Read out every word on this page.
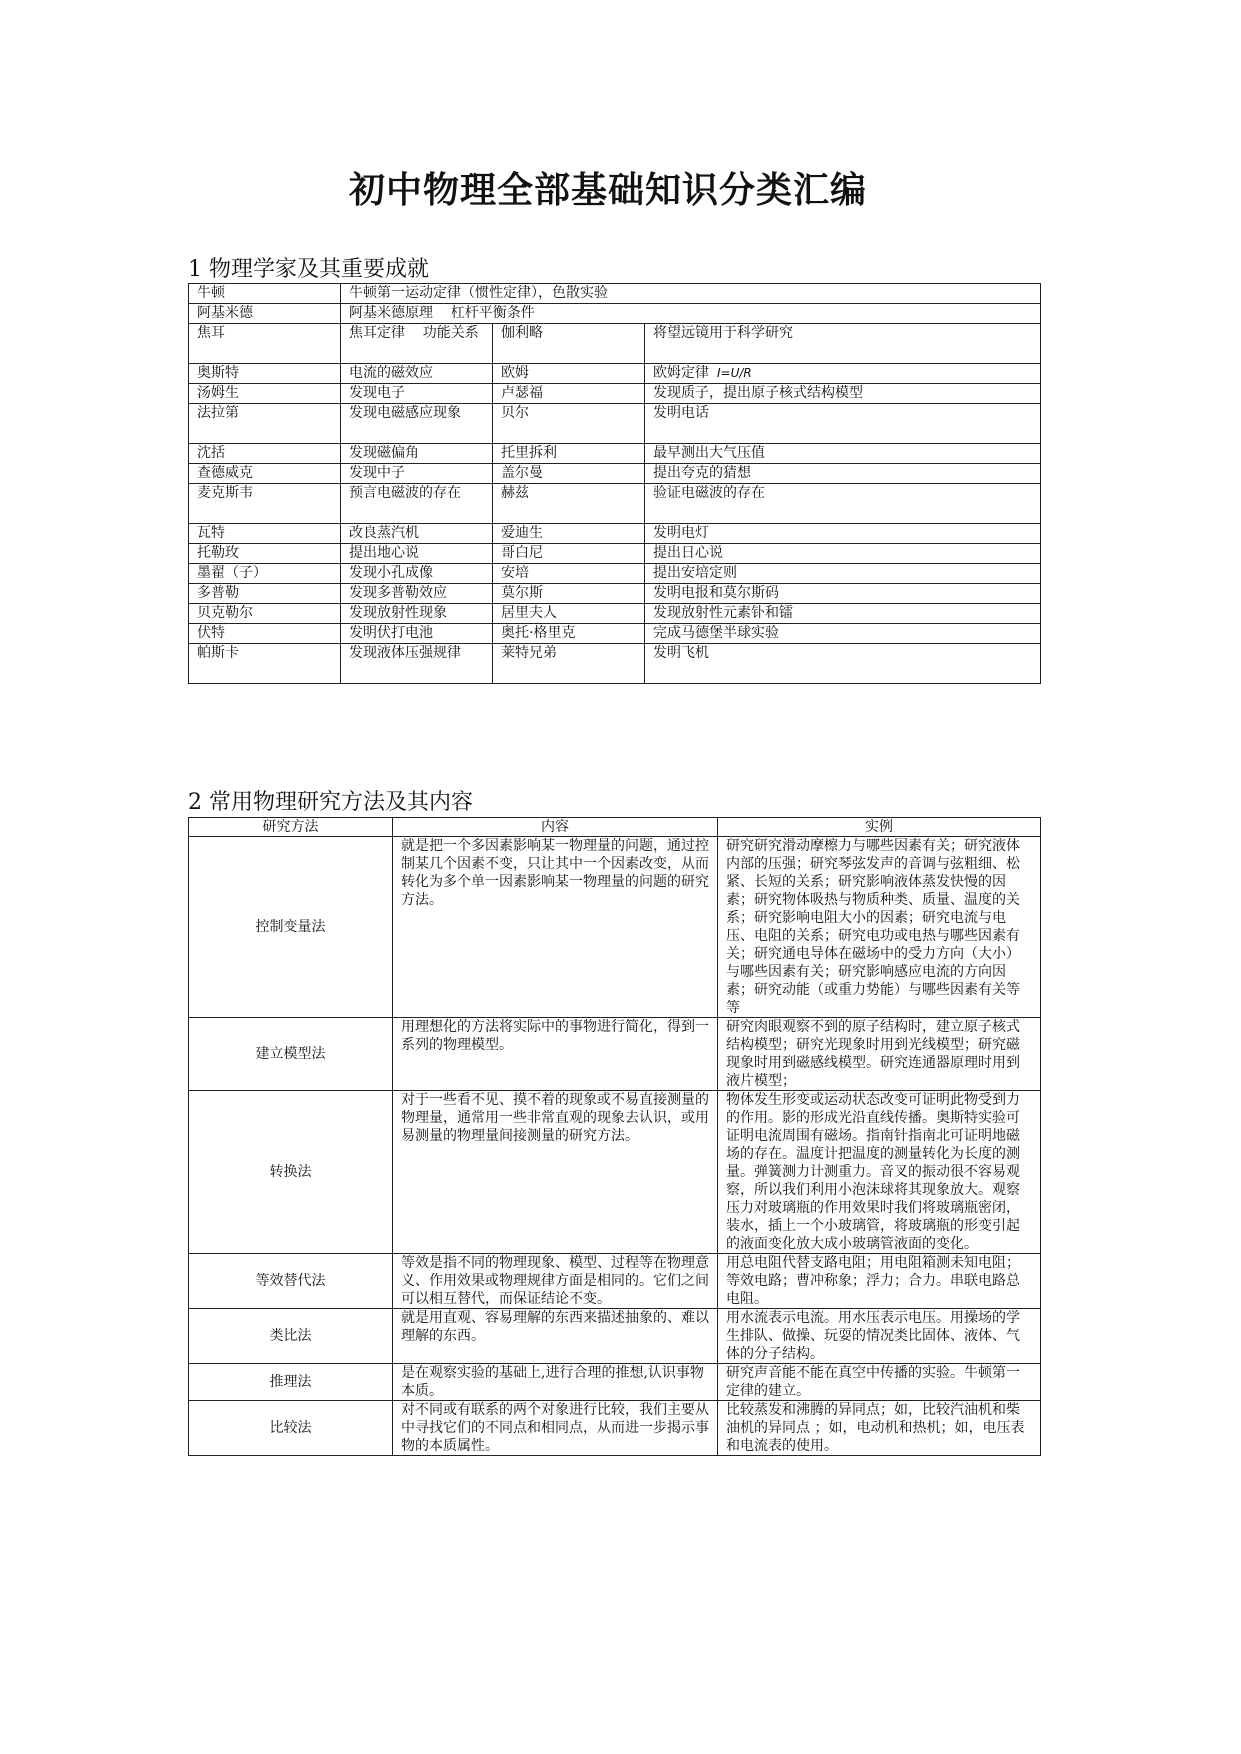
初中物理全部基础知识分类汇编
1 物理学家及其重要成就
牛顿	牛顿第一运动定律（惯性定律），色散实验		
阿基米德	阿基米德原理    杠杆平衡条件		
焦耳	焦耳定律    功能关系	伽利略	将望远镜用于科学研究
奥斯特	电流的磁效应	欧姆	欧姆定律 I=U/R
汤姆生	发现电子	卢瑟福	发现质子，提出原子核式结构模型
法拉第	发现电磁感应现象	贝尔	发明电话
沈括	发现磁偏角	托里拆利	最早测出大气压值
查德威克	发现中子	盖尔曼	提出夸克的猜想
麦克斯韦	预言电磁波的存在	赫兹	验证电磁波的存在
瓦特	改良蒸汽机	爱迪生	发明电灯
托勒玫	提出地心说	哥白尼	提出日心说
墨翟（子）	发现小孔成像	安培	提出安培定则
多普勒	发现多普勒效应	莫尔斯	发明电报和莫尔斯码
贝克勒尔	发现放射性现象	居里夫人	发现放射性元素钋和镭
伏特	发明伏打电池	奥托·格里克	完成马德堡半球实验
帕斯卡	发现液体压强规律	莱特兄弟	发明飞机
2 常用物理研究方法及其内容
研究方法	内容	实例
控制变量法	就是把一个多因素影响某一物理量的问题，通过控制某几个因素不变，只让其中一个因素改变，从而转化为多个单一因素影响某一物理量的问题的研究方法。	研究研究滑动摩檫力与哪些因素有关；研究液体内部的压强；研究琴弦发声的音调与弦粗细、松紧、长短的关系；研究影响液体蒸发快慢的因素；研究物体吸热与物质种类、质量、温度的关系；研究影响电阻大小的因素；研究电流与电压、电阻的关系；研究电功或电热与哪些因素有关；研究通电导体在磁场中的受力方向（大小）与哪些因素有关；研究影响感应电流的方向因素；研究动能（或重力势能）与哪些因素有关等等
建立模型法	用理想化的方法将实际中的事物进行简化，得到一系列的物理模型。	研究肉眼观察不到的原子结构时，建立原子核式结构模型；研究光现象时用到光线模型；研究磁现象时用到磁感线模型。研究连通器原理时用到液片模型；
转换法	对于一些看不见、摸不着的现象或不易直接测量的物理量，通常用一些非常直观的现象去认识，或用易测量的物理量间接测量的研究方法。	物体发生形变或运动状态改变可证明此物受到力的作用。影的形成光沿直线传播。奥斯特实验可证明电流周围有磁场。指南针指南北可证明地磁场的存在。温度计把温度的测量转化为长度的测量。弹簧测力计测重力。音叉的振动很不容易观察，所以我们利用小泡沫球将其现象放大。观察压力对玻璃瓶的作用效果时我们将玻璃瓶密闭，装水，插上一个小玻璃管，将玻璃瓶的形变引起的液面变化放大成小玻璃管液面的变化。
等效替代法	等效是指不同的物理现象、模型、过程等在物理意义、作用效果或物理规律方面是相同的。它们之间可以相互替代，而保证结论不变。	用总电阻代替支路电阻；用电阻箱测未知电阻；等效电路；曹冲称象；浮力；合力。串联电路总电阻。
类比法	就是用直观、容易理解的东西来描述抽象的、难以理解的东西。	用水流表示电流。用水压表示电压。用操场的学生排队、做操、玩耍的情况类比固体、液体、气体的分子结构。
推理法	是在观察实验的基础上,进行合理的推想,认识事物本质。	研究声音能不能在真空中传播的实验。牛顿第一定律的建立。
比较法	对不同或有联系的两个对象进行比较，我们主要从中寻找它们的不同点和相同点，从而进一步揭示事物的本质属性。	比较蒸发和沸腾的异同点；如，比较汽油机和柴油机的异同点 ；如，电动机和热机；如，电压表和电流表的使用。
